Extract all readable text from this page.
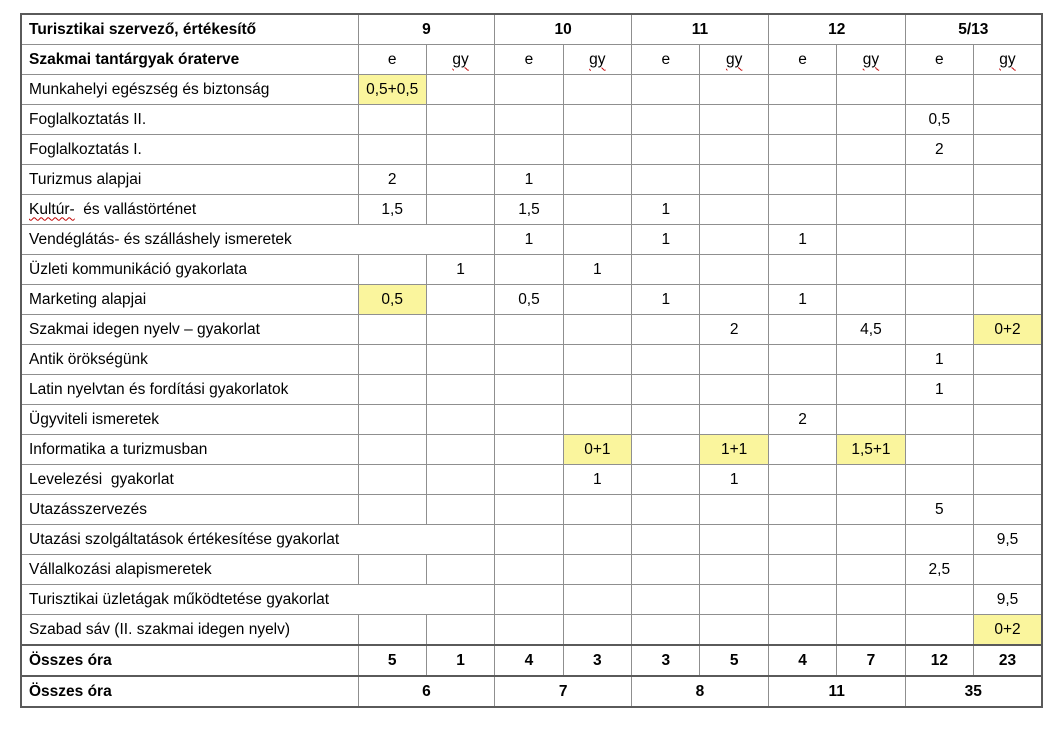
Turisztikai szervező, értékesítő	9		10		11		12		5/13	
Szakmai tantárgyak óraterve	e	gy	e	gy	e	gy	e	gy	e	gy
Munkahelyi egészség és biztonság	0,5+0,5									
Foglalkoztatás II.									0,5	
Foglalkoztatás I.									2	
Turizmus alapjai	2		1							
Kultúr-  és vallástörténet	1,5		1,5		1					
Vendéglátás- és szálláshely ismeretek			1		1		1			
Üzleti kommunikáció gyakorlata		1		1						
Marketing alapjai	0,5		0,5		1		1			
Szakmai idegen nyelv – gyakorlat						2		4,5		0+2
Antik örökségünk									1	
Latin nyelvtan és fordítási gyakorlatok									1	
Ügyviteli ismeretek							2			
Informatika a turizmusban				0+1		1+1		1,5+1		
Levelezési  gyakorlat				1		1				
Utazásszervezés									5	
Utazási szolgáltatások értékesítése gyakorlat										9,5
Vállalkozási alapismeretek									2,5	
Turisztikai üzletágak működtetése gyakorlat										9,5
Szabad sáv (II. szakmai idegen nyelv)										0+2
Összes óra	5	1	4	3	3	5	4	7	12	23
Összes óra	6		7		8		11		35	
